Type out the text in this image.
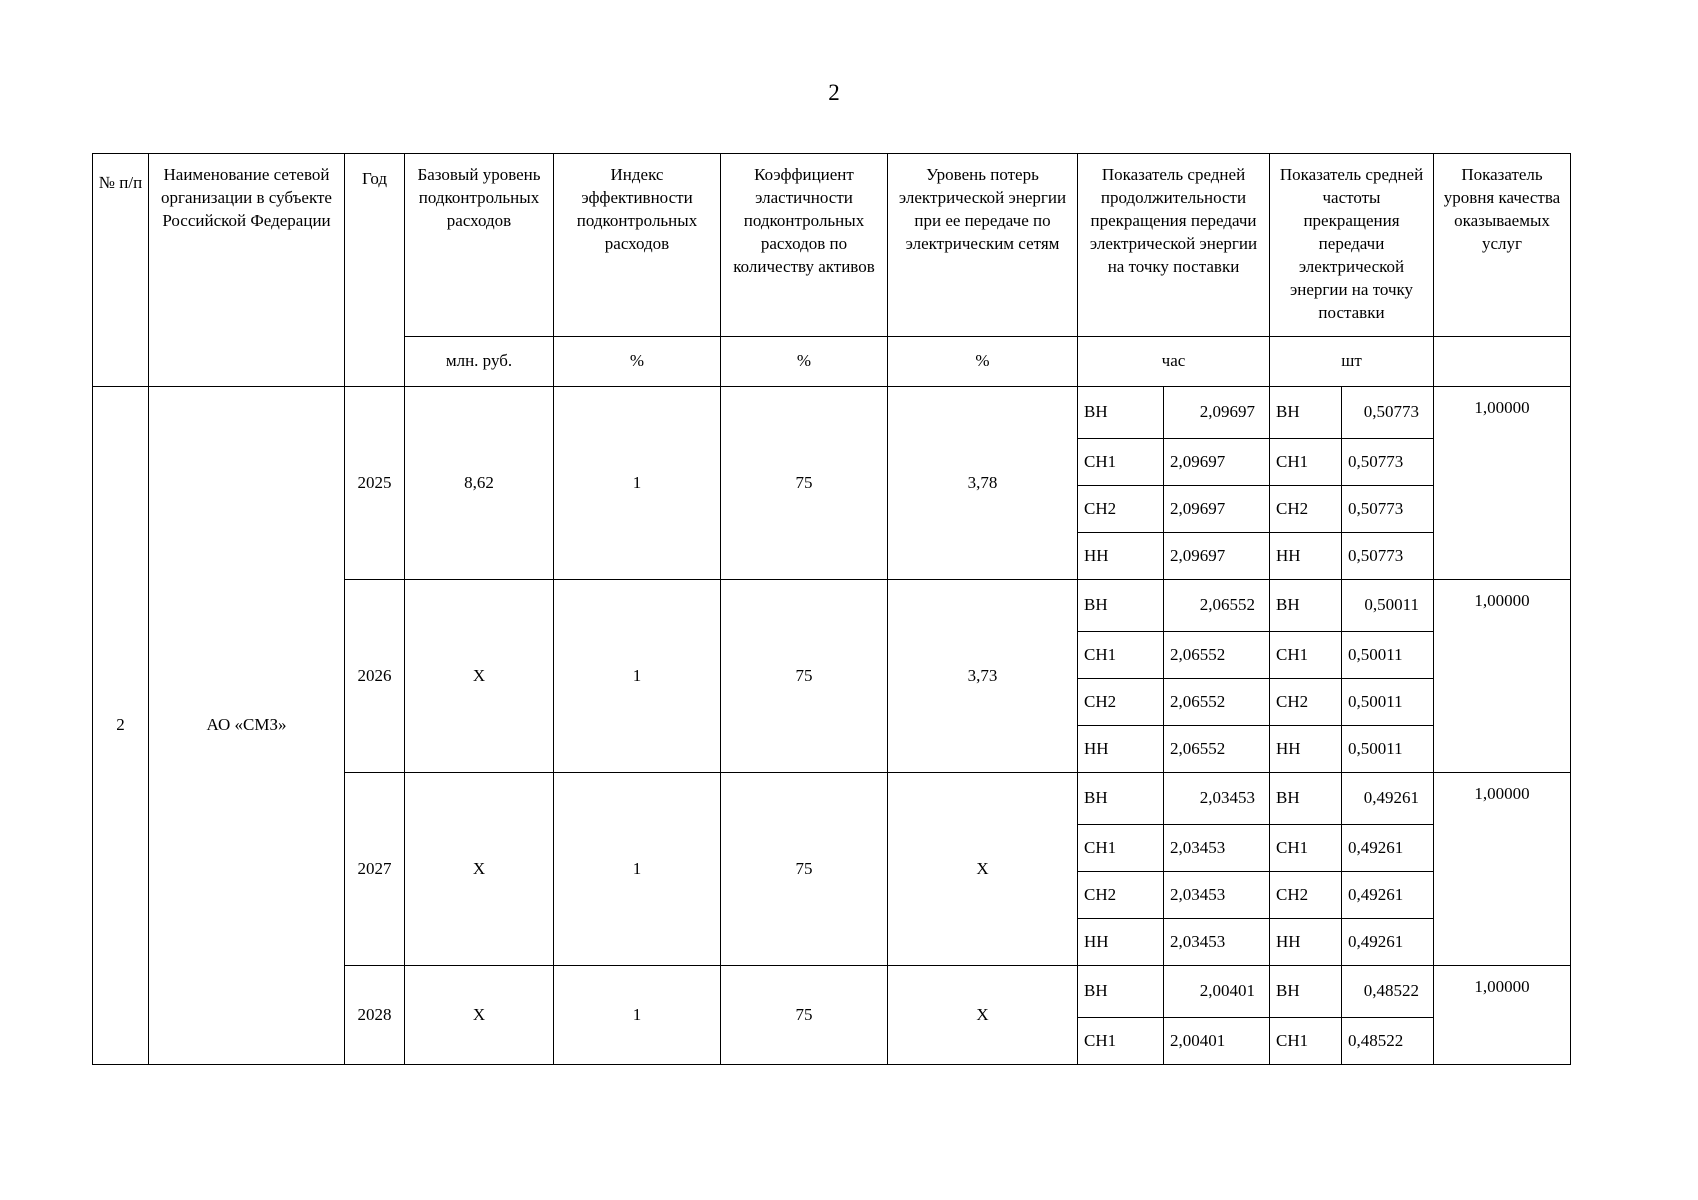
2
№ п/п	Наименование сетевой организации в субъекте Российской Федерации	Год	Базовый уровень подконтрольных расходов	Индекс эффективности подконтрольных расходов	Коэффициент эластичности подконтрольных расходов по количеству активов	Уровень потерь электрической энергии при ее передаче по электрическим сетям	Показатель средней продолжительности прекращения передачи электрической энергии на точку поставки		Показатель средней частоты прекращения передачи электрической энергии на точку поставки		Показатель уровня качества оказываемых услуг
			млн. руб.	%	%	%	час		шт		
2	АО «СМЗ»	2025	8,62	1	75	3,78	ВН	2,09697	ВН	0,50773	1,00000
							СН1	2,09697	СН1	0,50773	
							СН2	2,09697	СН2	0,50773	
							НН	2,09697	НН	0,50773	
		2026	X	1	75	3,73	ВН	2,06552	ВН	0,50011	1,00000
							СН1	2,06552	СН1	0,50011	
							СН2	2,06552	СН2	0,50011	
							НН	2,06552	НН	0,50011	
		2027	X	1	75	X	ВН	2,03453	ВН	0,49261	1,00000
							СН1	2,03453	СН1	0,49261	
							СН2	2,03453	СН2	0,49261	
							НН	2,03453	НН	0,49261	
		2028	X	1	75	X	ВН	2,00401	ВН	0,48522	1,00000
							СН1	2,00401	СН1	0,48522	
